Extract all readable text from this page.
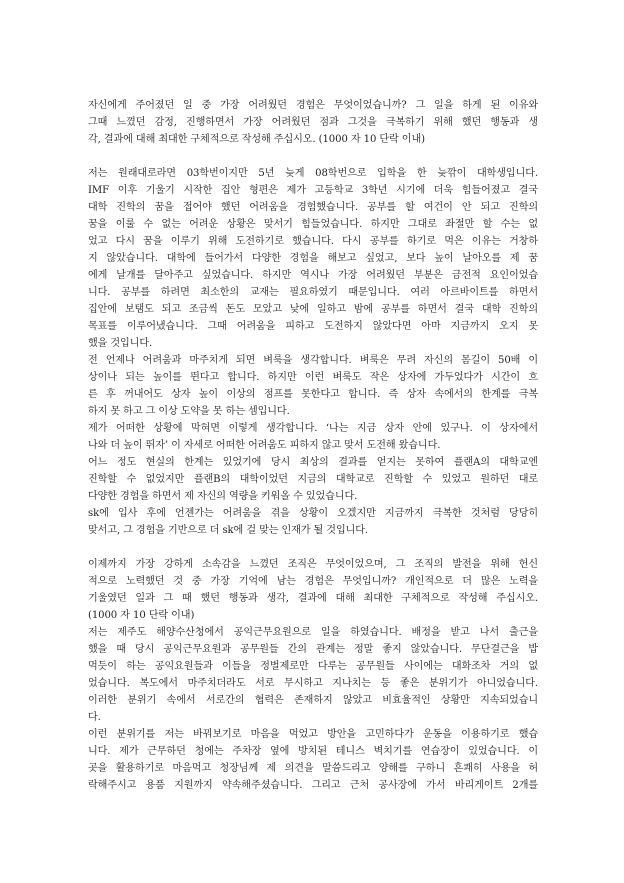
자신에게 주어졌던 일 중 가장 어려웠던 경험은 무엇이었습니까? 그 일을 하게 된 이유와
그때 느꼈던 감정, 진행하면서 가장 어려웠던 점과 그것을 극복하기 위해 했던 행동과 생
각, 결과에 대해 최대한 구체적으로 작성해 주십시오. (1000 자 10 단락 이내)
저는 원래대로라면 03학번이지만 5년 늦게 08학번으로 입학을 한 늦깎이 대학생입니다.
IMF 이후 기울기 시작한 집안 형편은 제가 고등학교 3학년 시기에 더욱 힘들어졌고 결국
대학 진학의 꿈을 접어야 했던 어려움을 경험했습니다. 공부를 할 여건이 안 되고 진학의
꿈을 이룰 수 없는 어려운 상황은 맞서기 힘들었습니다. 하지만 그대로 좌절만 할 수는 없
었고 다시 꿈을 이루기 위해 도전하기로 했습니다. 다시 공부를 하기로 먹은 이유는 거창하
지 않았습니다. 대학에 들어가서 다양한 경험을 해보고 싶었고, 보다 높이 날아오를 제 꿈
에게 날개를 달아주고 싶었습니다. 하지만 역시나 가장 어려웠던 부분은 금전적 요인이었습
니다. 공부를 하려면 최소한의 교재는 필요하였기 때문입니다. 여러 아르바이트를 하면서
집안에 보탬도 되고 조금씩 돈도 모았고 낮에 일하고 밤에 공부를 하면서 결국 대학 진학의
목표를 이루어냈습니다. 그때 어려움을 피하고 도전하지 않았다면 아마 지금까지 오지 못
했을 것입니다.
전 언제나 어려움과 마주치게 되면 벼룩을 생각합니다. 벼룩은 무려 자신의 몸길이 50배 이
상이나 되는 높이를 뛴다고 합니다. 하지만 이런 벼룩도 작은 상자에 가두었다가 시간이 흐
른 후 꺼내어도 상자 높이 이상의 점프를 못한다고 합니다. 즉 상자 속에서의 한계를 극복
하지 못 하고 그 이상 도약을 못 하는 셈입니다.
제가 어떠한 상황에 막혀면 이렇게 생각합니다. ‘나는 지금 상자 안에 있구나. 이 상자에서
나와 더 높이 뛰자’ 이 자세로 어떠한 어려움도 피하지 않고 맞서 도전해 왔습니다.
어느 정도 현실의 한계는 있었기에 당시 최상의 결과를 얻지는 못하여 플랜A의 대학교엔
진학할 수 없었지만 플랜B의 대학이었던 지금의 대학교로 진학할 수 있었고 원하던 대로
다양한 경험을 하면서 제 자신의 역량을 키워올 수 있었습니다.
sk에 입사 후에 언젠가는 어려움을 겪을 상황이 오겠지만 지금까지 극복한 것처럼 당당히
맞서고, 그 경험을 기반으로 더 sk에 걸 맞는 인재가 될 것입니다.
이제까지 가장 강하게 소속감을 느꼈던 조직은 무엇이었으며, 그 조직의 발전을 위해 헌신
적으로 노력했던 것 중 가장 기억에 남는 경험은 무엇입니까? 개인적으로 더 많은 노력을
기울였던 일과 그 때 했던 행동과 생각, 결과에 대해 최대한 구체적으로 작성해 주십시오.
(1000 자 10 단락 이내)
저는 제주도 해양수산청에서 공익근무요원으로 일을 하였습니다. 배정을 받고 나서 출근을
했을 때 당시 공익근무요원과 공무원들 간의 관계는 정말 좋지 않았습니다. 무단결근을 밥
먹듯이 하는 공익요원들과 이들을 정벌제로만 다루는 공무원들 사이에는 대화조차 거의 없
었습니다. 복도에서 마주치더라도 서로 무시하고 지나치는 등 좋은 분위기가 아니었습니다.
이러한 분위기 속에서 서로간의 협력은 존재하지 않았고 비효율적인 상황만 지속되었습니
다.
이런 분위기를 저는 바꿔보기로 마음을 먹었고 방안을 고민하다가 운동을 이용하기로 했습
니다. 제가 근무하던 청에는 주차장 옆에 방치된 테니스 벽치기를 연습장이 있었습니다. 이
곳을 활용하기로 마음먹고 청장님께 제 의견을 말씀드리고 양해를 구하니 흔쾌히 사용을 허
락해주시고 용품 지원까지 약속해주셨습니다. 그리고 근처 공사장에 가서 바리게이트 2개를
